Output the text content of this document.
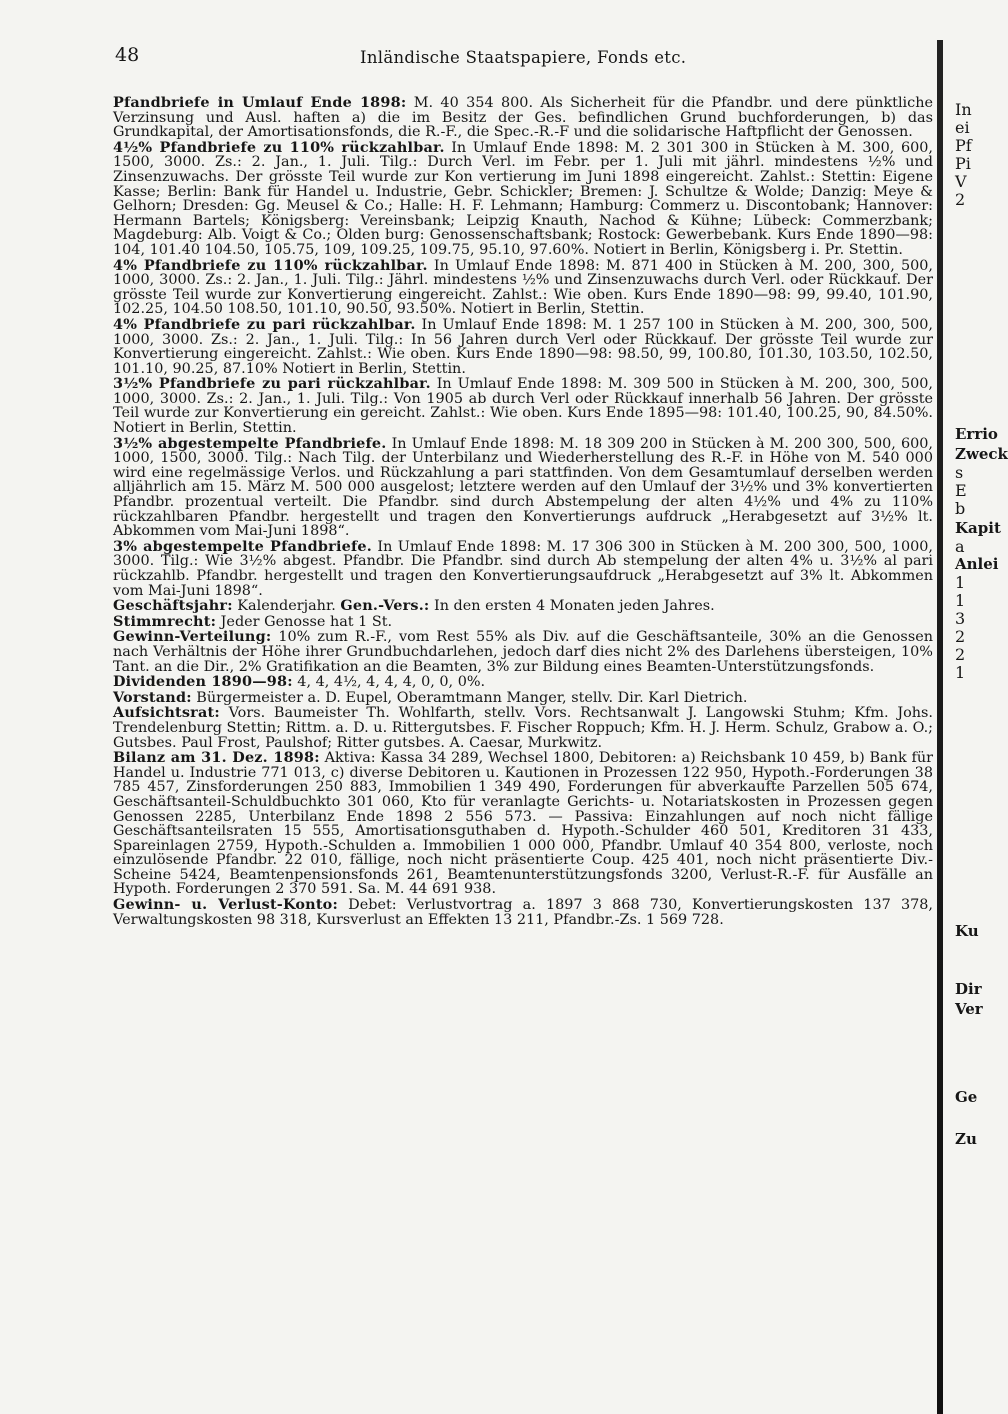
48	Inländische Staatspapiere, Fonds etc.

Pfandbriefe in Umlauf Ende 1898: M. 40 354 800. Als Sicherheit für die Pfandbr. und dere pünktliche Verzinsung und Ausl. haften a) die im Besitz der Ges. befindlichen Grund buchforderungen, b) das Grundkapital, der Amortisationsfonds, die R.-F., die Spec.-R.-F und die solidarische Haftpflicht der Genossen.

4½% Pfandbriefe zu 110% rückzahlbar. In Umlauf Ende 1898: M. 2 301 300 in Stücken à M. 300, 600, 1500, 3000. Zs.: 2. Jan., 1. Juli. Tilg.: Durch Verl. im Febr. per 1. Juli mit jährl. mindestens ½% und Zinsenzuwachs. Der grösste Teil wurde zur Kon vertierung im Juni 1898 eingereicht. Zahlst.: Stettin: Eigene Kasse; Berlin: Bank für Handel u. Industrie, Gebr. Schickler; Bremen: J. Schultze & Wolde; Danzig: Meye & Gelhorn; Dresden: Gg. Meusel & Co.; Halle: H. F. Lehmann; Hamburg: Commerz u. Discontobank; Hannover: Hermann Bartels; Königsberg: Vereinsbank; Leipzig Knauth, Nachod & Kühne; Lübeck: Commerzbank; Magdeburg: Alb. Voigt & Co.; Olden burg: Genossenschaftsbank; Rostock: Gewerbebank. Kurs Ende 1890—98: 104, 101.40 104.50, 105.75, 109, 109.25, 109.75, 95.10, 97.60%. Notiert in Berlin, Königsberg i. Pr. Stettin.

4% Pfandbriefe zu 110% rückzahlbar. In Umlauf Ende 1898: M. 871 400 in Stücken à M. 200, 300, 500, 1000, 3000. Zs.: 2. Jan., 1. Juli. Tilg.: Jährl. mindestens ½% und Zinsenzuwachs durch Verl. oder Rückkauf. Der grösste Teil wurde zur Konvertierung eingereicht. Zahlst.: Wie oben. Kurs Ende 1890—98: 99, 99.40, 101.90, 102.25, 104.50 108.50, 101.10, 90.50, 93.50%. Notiert in Berlin, Stettin.

4% Pfandbriefe zu pari rückzahlbar. In Umlauf Ende 1898: M. 1 257 100 in Stücken à M. 200, 300, 500, 1000, 3000. Zs.: 2. Jan., 1. Juli. Tilg.: In 56 Jahren durch Verl oder Rückkauf. Der grösste Teil wurde zur Konvertierung eingereicht. Zahlst.: Wie oben. Kurs Ende 1890—98: 98.50, 99, 100.80, 101.30, 103.50, 102.50, 101.10, 90.25, 87.10% Notiert in Berlin, Stettin.

3½% Pfandbriefe zu pari rückzahlbar. In Umlauf Ende 1898: M. 309 500 in Stücken à M. 200, 300, 500, 1000, 3000. Zs.: 2. Jan., 1. Juli. Tilg.: Von 1905 ab durch Verl oder Rückkauf innerhalb 56 Jahren. Der grösste Teil wurde zur Konvertierung ein gereicht. Zahlst.: Wie oben. Kurs Ende 1895—98: 101.40, 100.25, 90, 84.50%. Notiert in Berlin, Stettin.

3½% abgestempelte Pfandbriefe. In Umlauf Ende 1898: M. 18 309 200 in Stücken à M. 200 300, 500, 600, 1000, 1500, 3000. Tilg.: Nach Tilg. der Unterbilanz und Wiederherstellung des R.-F. in Höhe von M. 540 000 wird eine regelmässige Verlos. und Rückzahlung a pari stattfinden. Von dem Gesamtumlauf derselben werden alljährlich am 15. März M. 500 000 ausgelost; letztere werden auf den Umlauf der 3½% und 3% konvertierten Pfandbr. prozentual verteilt. Die Pfandbr. sind durch Abstempelung der alten 4½% und 4% zu 110% rückzahlbaren Pfandbr. hergestellt und tragen den Konvertierungs aufdruck „Herabgesetzt auf 3½% lt. Abkommen vom Mai-Juni 1898“.

3% abgestempelte Pfandbriefe. In Umlauf Ende 1898: M. 17 306 300 in Stücken à M. 200 300, 500, 1000, 3000. Tilg.: Wie 3½% abgest. Pfandbr. Die Pfandbr. sind durch Ab stempelung der alten 4% u. 3½% al pari rückzahlb. Pfandbr. hergestellt und tragen den Konvertierungsaufdruck „Herabgesetzt auf 3% lt. Abkommen vom Mai-Juni 1898“.

Geschäftsjahr: Kalenderjahr. Gen.-Vers.: In den ersten 4 Monaten jeden Jahres.

Stimmrecht: Jeder Genosse hat 1 St.

Gewinn-Verteilung: 10% zum R.-F., vom Rest 55% als Div. auf die Geschäftsanteile, 30% an die Genossen nach Verhältnis der Höhe ihrer Grundbuchdarlehen, jedoch darf dies nicht 2% des Darlehens übersteigen, 10% Tant. an die Dir., 2% Gratifikation an die Beamten, 3% zur Bildung eines Beamten-Unterstützungsfonds.

Dividenden 1890—98: 4, 4, 4½, 4, 4, 4, 0, 0, 0%.

Vorstand: Bürgermeister a. D. Eupel, Oberamtmann Manger, stellv. Dir. Karl Dietrich.

Aufsichtsrat: Vors. Baumeister Th. Wohlfarth, stellv. Vors. Rechtsanwalt J. Langowski Stuhm; Kfm. Johs. Trendelenburg Stettin; Rittm. a. D. u. Rittergutsbes. F. Fischer Roppuch; Kfm. H. J. Herm. Schulz, Grabow a. O.; Gutsbes. Paul Frost, Paulshof; Ritter gutsbes. A. Caesar, Murkwitz.

Bilanz am 31. Dez. 1898: Aktiva: Kassa 34 289, Wechsel 1800, Debitoren: a) Reichsbank 10 459, b) Bank für Handel u. Industrie 771 013, c) diverse Debitoren u. Kautionen in Prozessen 122 950, Hypoth.-Forderungen 38 785 457, Zinsforderungen 250 883, Immobilien 1 349 490, Forderungen für abverkaufte Parzellen 505 674, Geschäftsanteil-Schuldbuchkto 301 060, Kto für veranlagte Gerichts- u. Notariatskosten in Prozessen gegen Genossen 2285, Unterbilanz Ende 1898 2 556 573. — Passiva: Einzahlungen auf noch nicht fällige Geschäftsanteilsraten 15 555, Amortisationsguthaben d. Hypoth.-Schulder 460 501, Kreditoren 31 433, Spareinlagen 2759, Hypoth.-Schulden a. Immobilien 1 000 000, Pfandbr. Umlauf 40 354 800, verloste, noch einzulösende Pfandbr. 22 010, fällige, noch nicht präsentierte Coup. 425 401, noch nicht präsentierte Div.-Scheine 5424, Beamtenpensionsfonds 261, Beamtenunterstützungsfonds 3200, Verlust-R.-F. für Ausfälle an Hypoth. Forderungen 2 370 591. Sa. M. 44 691 938.

Gewinn- u. Verlust-Konto: Debet: Verlustvortrag a. 1897 3 868 730, Konvertierungskosten 137 378, Verwaltungskosten 98 318, Kursverlust an Effekten 13 211, Pfandbr.-Zs. 1 569 728.

In
ei
Pf
Pi
V
2
Errio
Zweck
s
E
b
Kapit
a
Anlei
1
1
3
2
2
1
Ku
Dir
Ver
Ge
Zu
